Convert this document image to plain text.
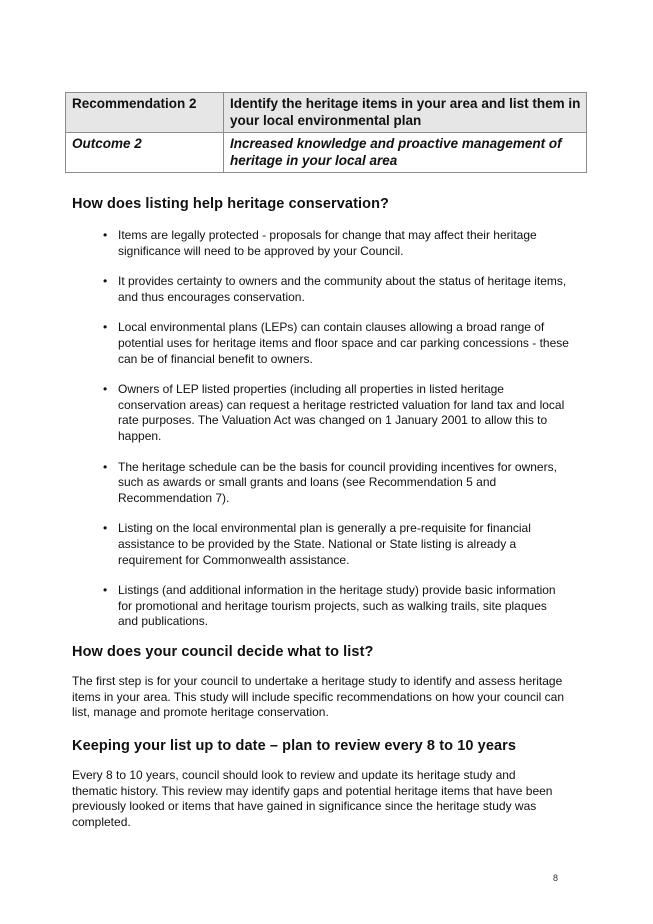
Recommendation 2	Identify the heritage items in your area and list them in your local environmental plan
Outcome 2	Increased knowledge and proactive management of heritage in your local area
How does listing help heritage conservation?
• Items are legally protected - proposals for change that may affect their heritage significance will need to be approved by your Council.
• It provides certainty to owners and the community about the status of heritage items, and thus encourages conservation.
• Local environmental plans (LEPs) can contain clauses allowing a broad range of potential uses for heritage items and floor space and car parking concessions - these can be of financial benefit to owners.
• Owners of LEP listed properties (including all properties in listed heritage conservation areas) can request a heritage restricted valuation for land tax and local rate purposes. The Valuation Act was changed on 1 January 2001 to allow this to happen.
• The heritage schedule can be the basis for council providing incentives for owners, such as awards or small grants and loans (see Recommendation 5 and Recommendation 7).
• Listing on the local environmental plan is generally a pre-requisite for financial assistance to be provided by the State. National or State listing is already a requirement for Commonwealth assistance.
• Listings (and additional information in the heritage study) provide basic information for promotional and heritage tourism projects, such as walking trails, site plaques and publications.
How does your council decide what to list?

The first step is for your council to undertake a heritage study to identify and assess heritage items in your area. This study will include specific recommendations on how your council can list, manage and promote heritage conservation.

Keeping your list up to date – plan to review every 8 to 10 years

Every 8 to 10 years, council should look to review and update its heritage study and thematic history. This review may identify gaps and potential heritage items that have been previously looked or items that have gained in significance since the heritage study was completed.

8
